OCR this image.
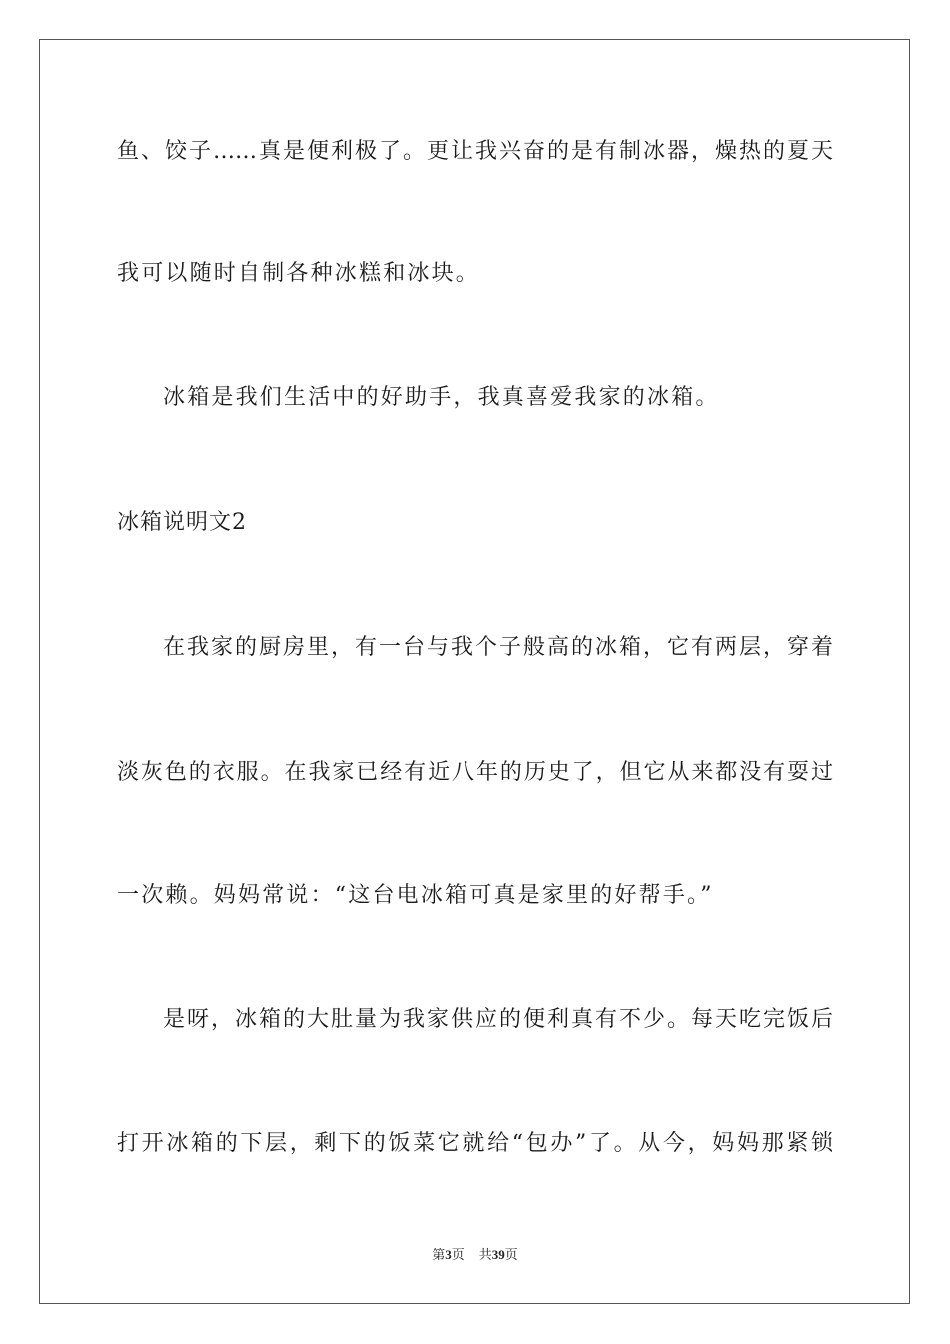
鱼、饺子……真是便利极了。更让我兴奋的是有制冰器，燥热的夏天
我可以随时自制各种冰糕和冰块。
冰箱是我们生活中的好助手，我真喜爱我家的冰箱。
冰箱说明文2
在我家的厨房里，有一台与我个子般高的冰箱，它有两层，穿着
淡灰色的衣服。在我家已经有近八年的历史了，但它从来都没有耍过
一次赖。妈妈常说：“这台电冰箱可真是家里的好帮手。”
是呀，冰箱的大肚量为我家供应的便利真有不少。每天吃完饭后
打开冰箱的下层，剩下的饭菜它就给“包办”了。从今，妈妈那紧锁
第3页 共39页
